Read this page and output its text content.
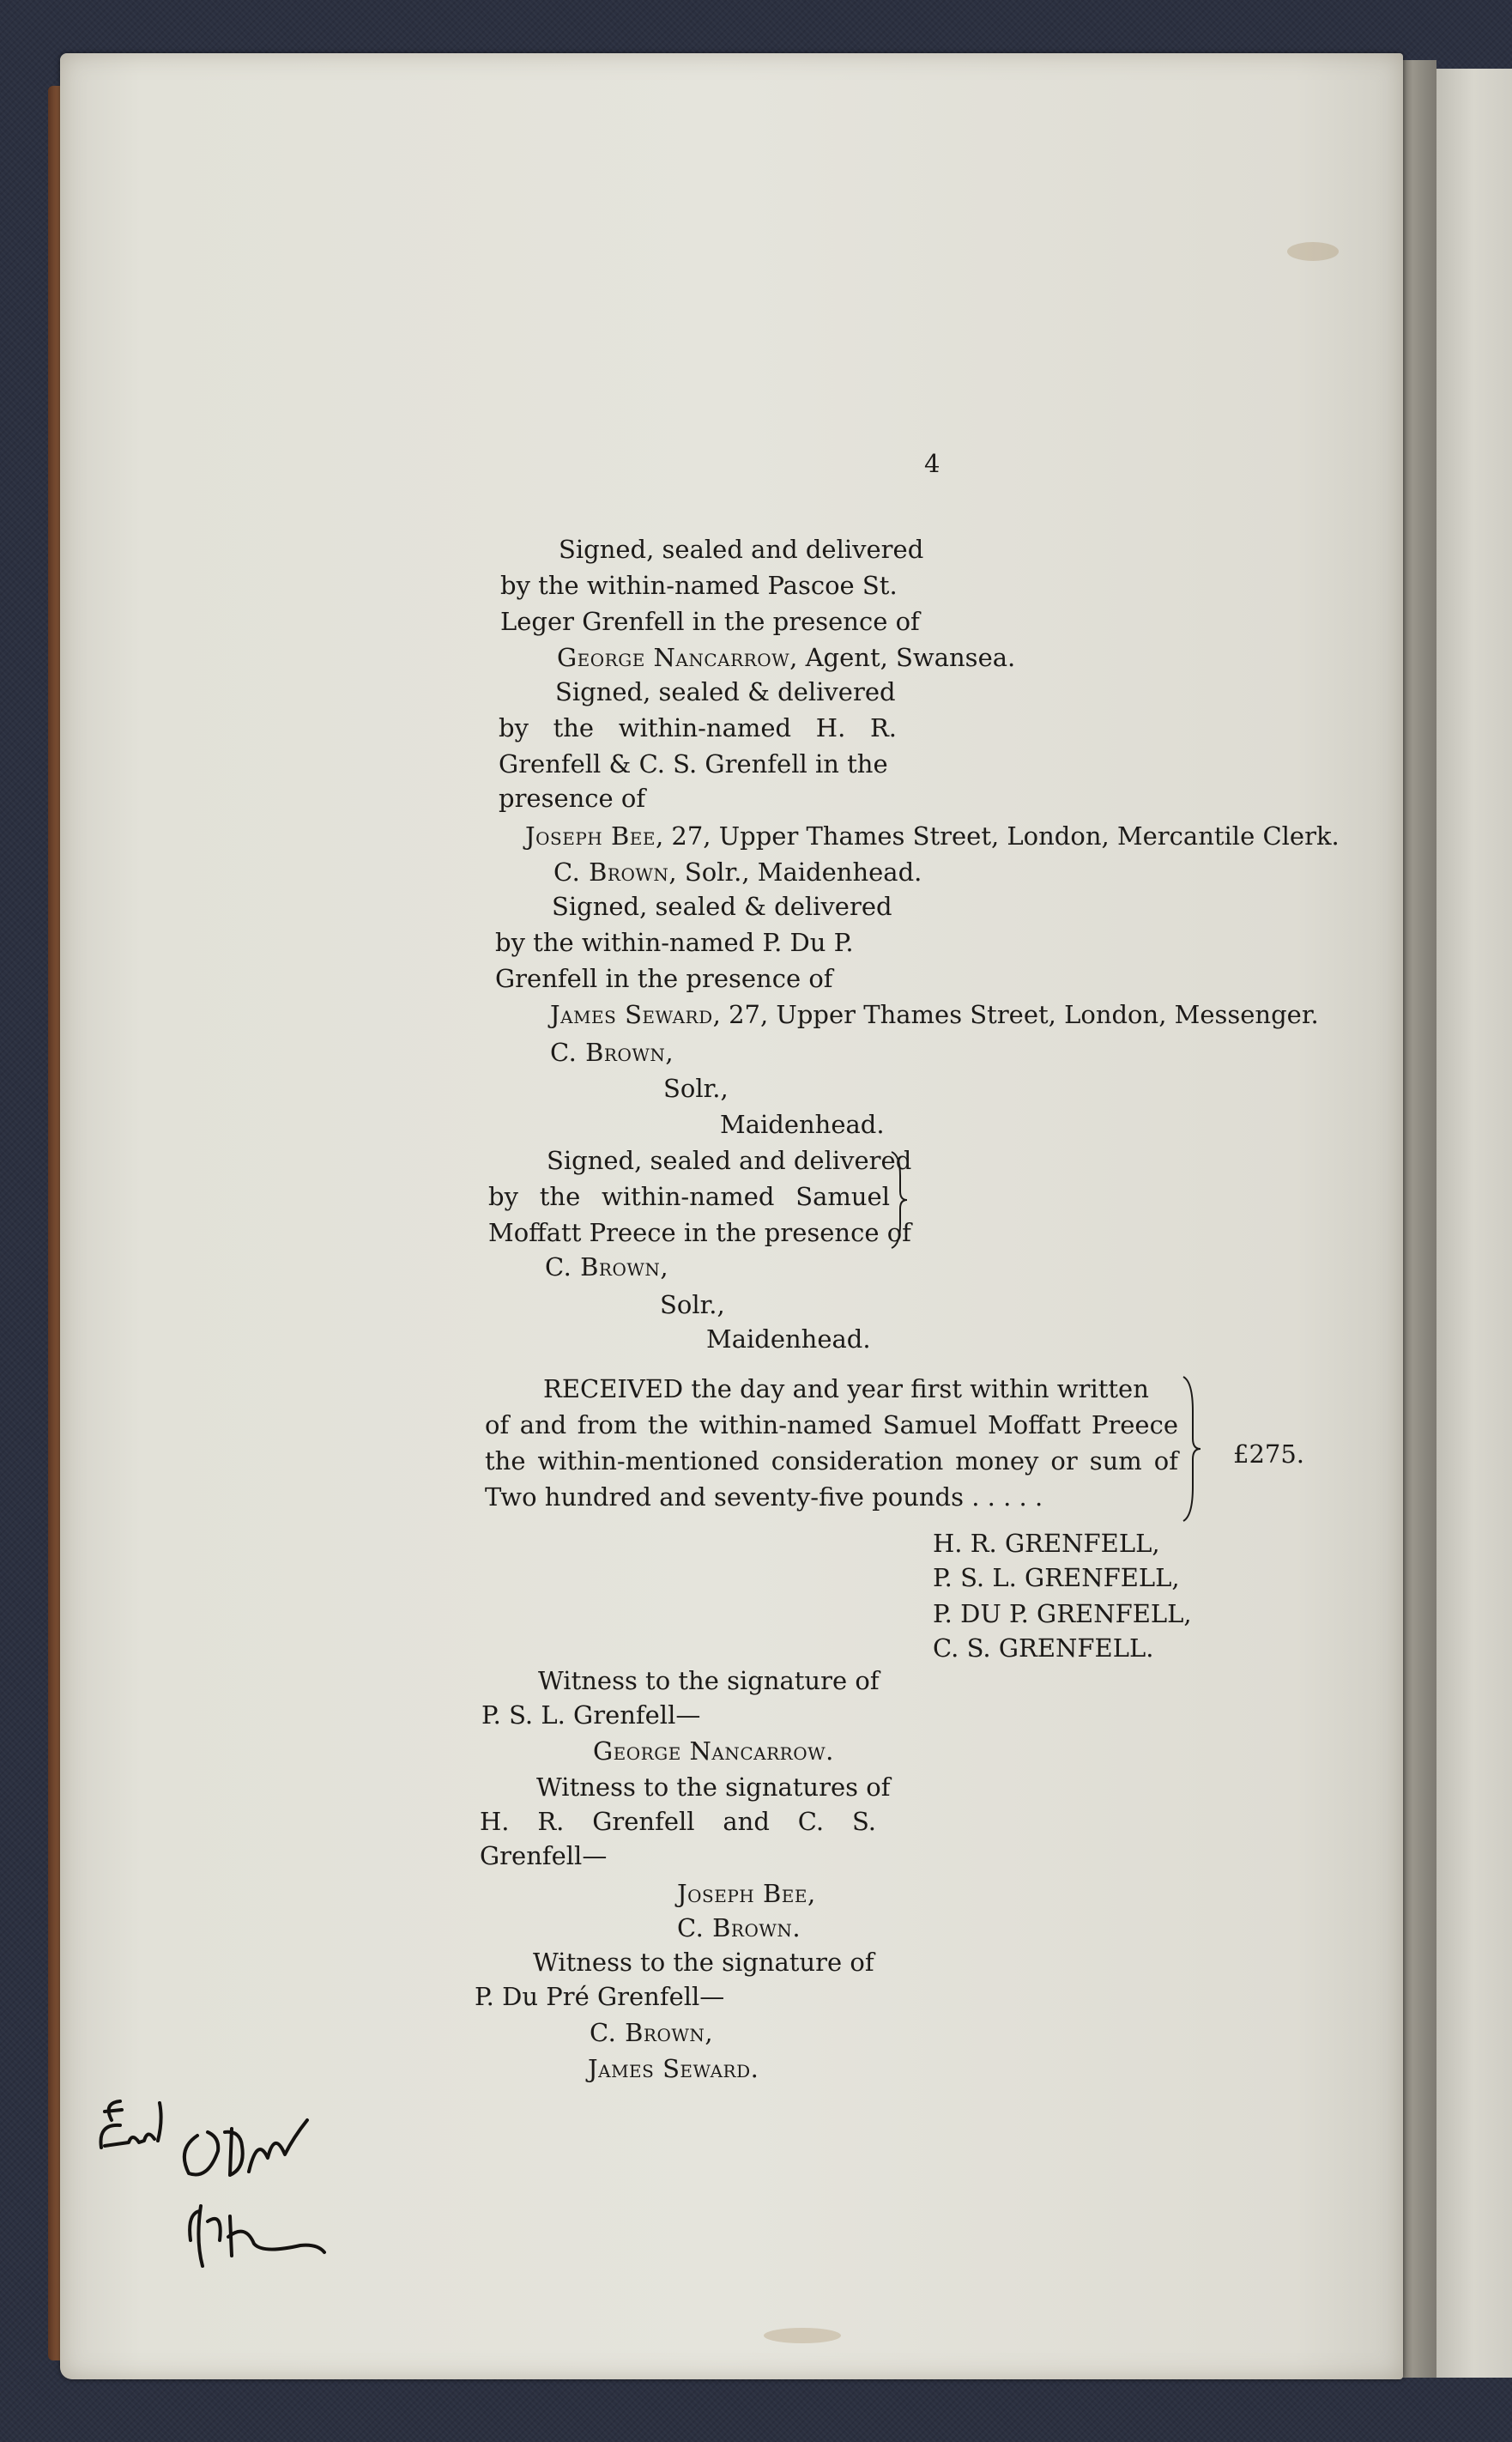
4

Signed, sealed and delivered

by the within-named Pascoe St.

Leger Grenfell in the presence of

George Nancarrow, Agent, Swansea.

Signed, sealed & delivered

by the within-named H. R.

Grenfell & C. S. Grenfell in the

presence of

Joseph Bee, 27, Upper Thames Street, London, Mercantile Clerk.

C. Brown, Solr., Maidenhead.

Signed, sealed & delivered

by the within-named P. Du P.

Grenfell in the presence of

James Seward, 27, Upper Thames Street, London, Messenger.

C. Brown,

Solr.,

Maidenhead.

Signed, sealed and delivered

by the within-named Samuel

Moffatt Preece in the presence of

C. Brown,

Solr.,

Maidenhead.

RECEIVED the day and year first within written

of and from the within-named Samuel Moffatt Preece

the within-mentioned consideration money or sum of

Two hundred and seventy-five pounds . . . . .

£275.

H. R. GRENFELL,

P. S. L. GRENFELL,

P. DU P. GRENFELL,

C. S. GRENFELL.

Witness to the signature of

P. S. L. Grenfell—

George Nancarrow.

Witness to the signatures of

H. R. Grenfell and C. S.

Grenfell—

Joseph Bee,

C. Brown.

Witness to the signature of

P. Du Pré Grenfell—

C. Brown,

James Seward.
